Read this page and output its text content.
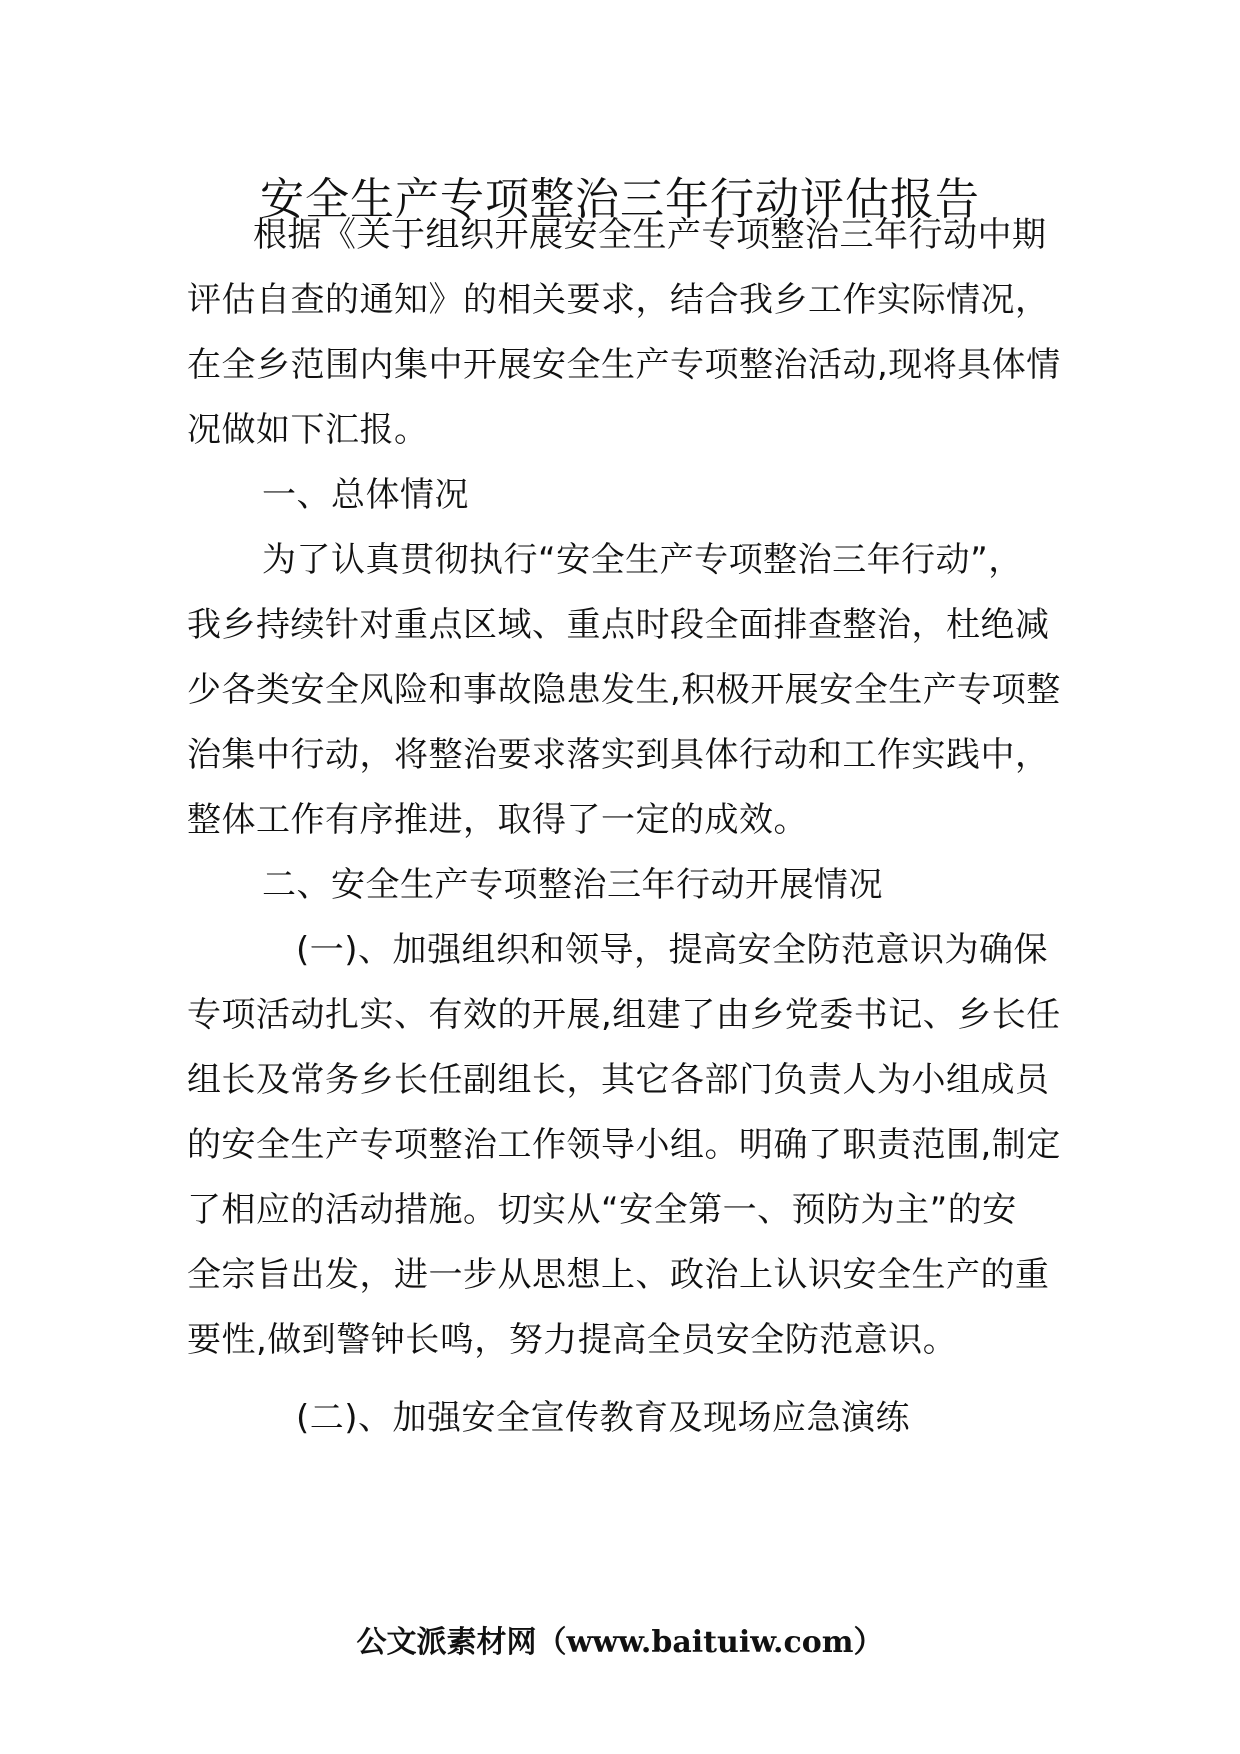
安全生产专项整治三年行动评估报告
根据《关于组织开展安全生产专项整治三年行动中期
评估自查的通知》的相关要求，结合我乡工作实际情况，
在全乡范围内集中开展安全生产专项整治活动,现将具体情
况做如下汇报。
一、总体情况
为了认真贯彻执行“安全生产专项整治三年行动”，
我乡持续针对重点区域、重点时段全面排查整治，杜绝减
少各类安全风险和事故隐患发生,积极开展安全生产专项整
治集中行动，将整治要求落实到具体行动和工作实践中，
整体工作有序推进，取得了一定的成效。
二、安全生产专项整治三年行动开展情况
(一)、加强组织和领导，提高安全防范意识为确保
专项活动扎实、有效的开展,组建了由乡党委书记、乡长任
组长及常务乡长任副组长，其它各部门负责人为小组成员
的安全生产专项整治工作领导小组。明确了职责范围,制定
了相应的活动措施。切实从“安全第一、预防为主”的安
全宗旨出发，进一步从思想上、政治上认识安全生产的重
要性,做到警钟长鸣，努力提高全员安全防范意识。
(二)、加强安全宣传教育及现场应急演练
公文派素材网（www.baituiw.com）
